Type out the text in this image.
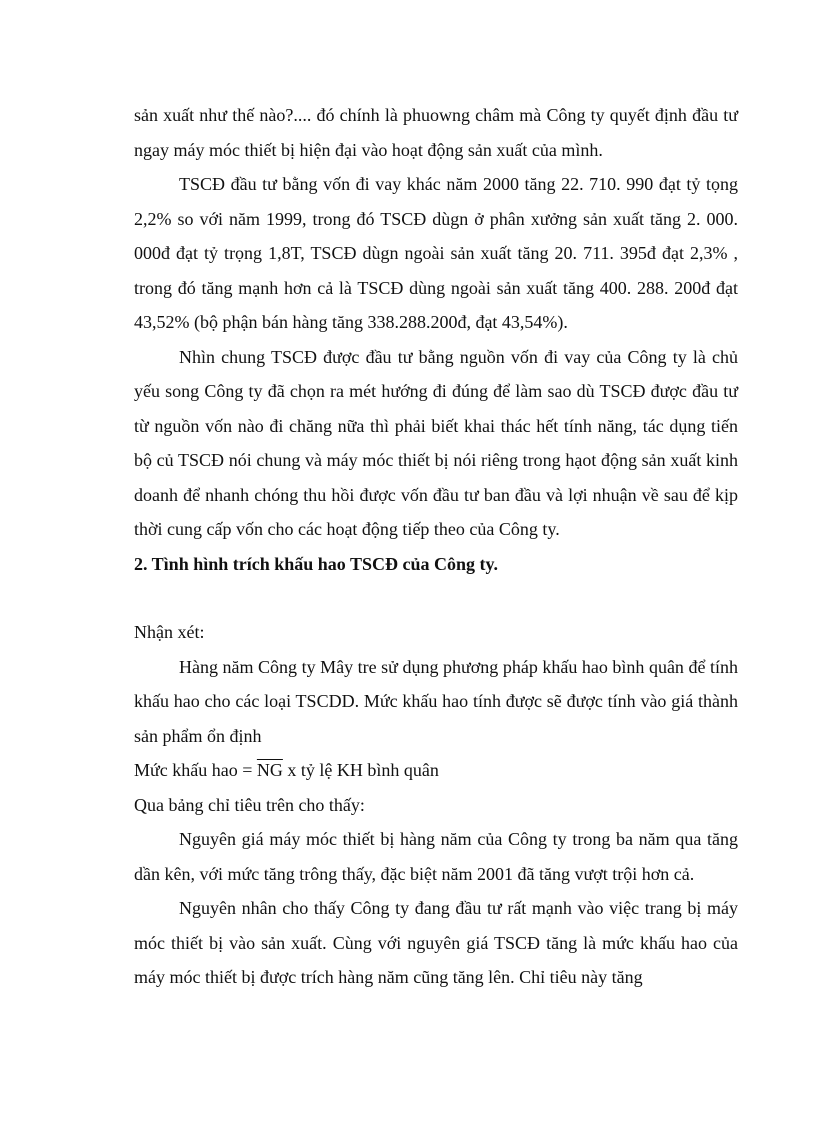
sản xuất như thế nào?.... đó chính là phuowng châm mà Công ty quyết định đầu tư ngay máy móc thiết bị hiện đại vào hoạt động sản xuất của mình.

TSCĐ đầu tư bằng vốn đi vay khác năm 2000 tăng 22. 710. 990 đạt tỷ tọng 2,2% so với năm 1999, trong đó TSCĐ dùgn ở phân xưởng sản xuất tăng 2. 000. 000đ đạt tỷ trọng 1,8T, TSCĐ dùgn ngoài sản xuất tăng 20. 711. 395đ đạt 2,3% , trong đó tăng mạnh hơn cả là TSCĐ dùng ngoài sản xuất tăng 400. 288. 200đ đạt 43,52% (bộ phận bán hàng tăng 338.288.200đ, đạt 43,54%).

Nhìn chung TSCĐ được đầu tư bằng nguồn vốn đi vay của Công ty là chủ yếu song Công ty đã chọn ra mét hướng đi đúng để làm sao dù TSCĐ được đầu tư từ nguồn vốn nào đi chăng nữa thì phải biết khai thác hết tính năng, tác dụng tiến bộ củ TSCĐ nói chung và máy móc thiết bị nói riêng trong hạot động sản xuất kinh doanh để nhanh chóng thu hồi được vốn đầu tư ban đầu và lợi nhuận về sau để kịp thời cung cấp vốn cho các hoạt động tiếp theo của Công ty.

2. Tình hình trích khấu hao TSCĐ của Công ty.

Nhận xét:

Hàng năm Công ty Mây tre sử dụng phương pháp khấu hao bình quân để tính khấu hao cho các loại TSCDD. Mức khấu hao tính được sẽ được tính vào giá thành sản phẩm ổn định

Mức khấu hao = $\overline{NG}$ x tỷ lệ KH bình quân

Qua bảng chỉ tiêu trên cho thấy:

Nguyên giá máy móc thiết bị hàng năm của Công ty trong ba năm qua tăng dần kên, với mức tăng trông thấy, đặc biệt năm 2001 đã tăng vượt trội hơn cả.

Nguyên nhân cho thấy Công ty đang đầu tư rất mạnh vào việc trang bị máy móc thiết bị vào sản xuất. Cùng với nguyên giá TSCĐ tăng là mức khấu hao của máy móc thiết bị được trích hàng năm cũng tăng lên. Chỉ tiêu này tăng
